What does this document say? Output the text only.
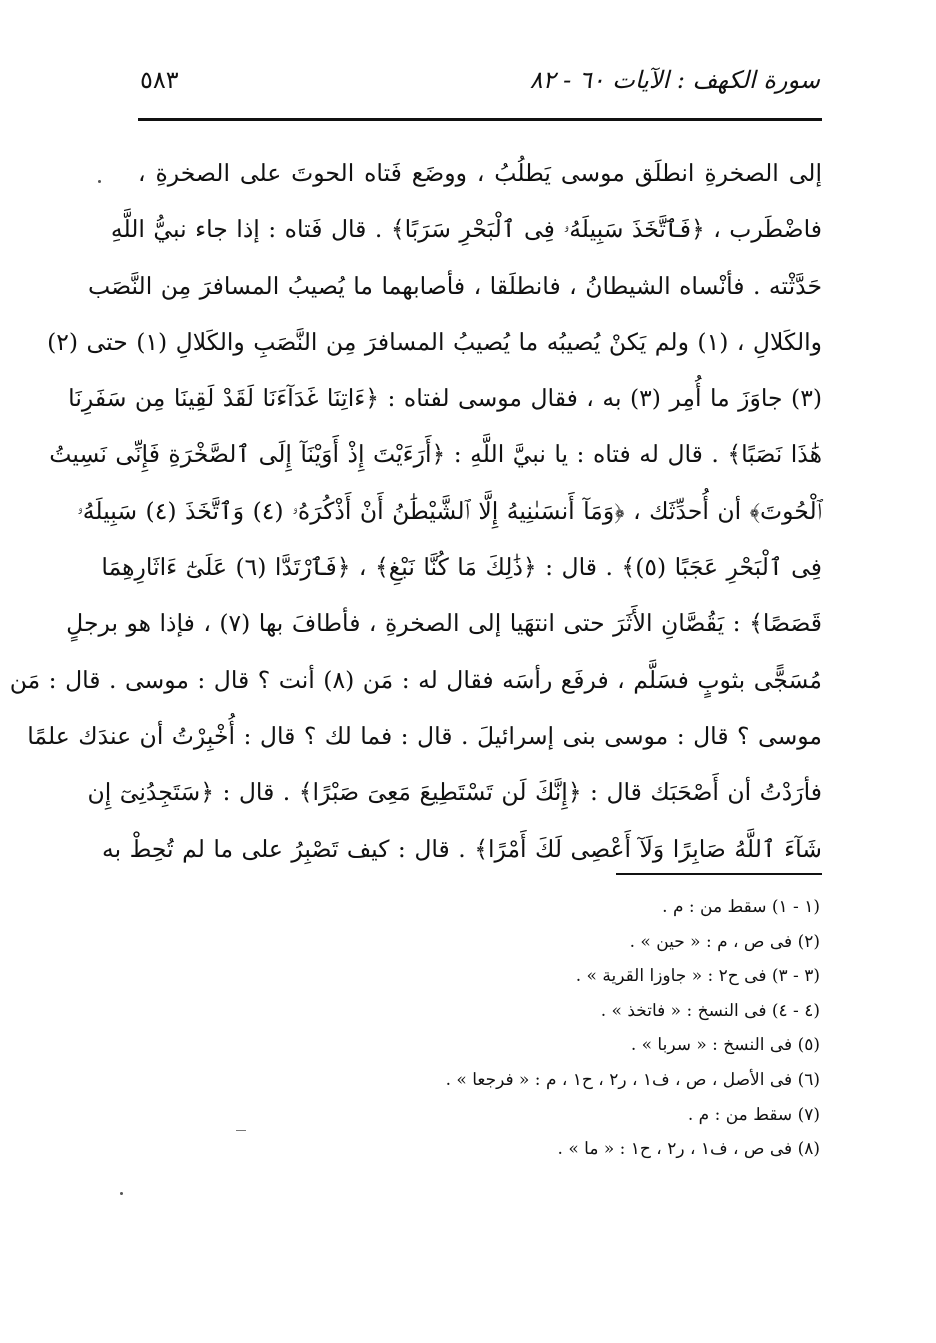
سورة الكهف : الآيات ٦٠ - ٨٢
٥٨٣
إلى الصخرةِ انطلَق موسى يَطلُبُ ، ووضَع فَتاه الحوتَ على الصخرةِ ،
فاضْطَرب ، ﴿فَٱتَّخَذَ سَبِيلَهُۥ فِى ٱلْبَحْرِ سَرَبًا﴾ . قال فَتاه : إذا جاء نبيُّ اللَّهِ
حَدَّثْته . فأنْساه الشيطانُ ، فانطلَقا ، فأصابهما ما يُصيبُ المسافرَ مِن النَّصَب
والكَلالِ ، (١) ولم يَكنْ يُصيبُه ما يُصيبُ المسافرَ مِن النَّصَبِ والكَلالِ (١) حتى (٢)
(٣) جاوَزَ ما أُمِر (٣) به ، فقال موسى لفتاه : ﴿ءَاتِنَا غَدَآءَنَا لَقَدْ لَقِينَا مِن سَفَرِنَا
هَٰذَا نَصَبًا﴾ . قال له فتاه : يا نبيَّ اللَّهِ : ﴿أَرَءَيْتَ إِذْ أَوَيْنَآ إِلَى ٱلصَّخْرَةِ فَإِنِّى نَسِيتُ
ٱلْحُوتَ﴾ أن أُحدِّثَك ، ﴿وَمَآ أَنسَىٰنِيهُ إِلَّا ٱلشَّيْطَٰنُ أَنْ أَذْكُرَهُۥ (٤) وَٱتَّخَذَ (٤) سَبِيلَهُۥ
فِى ٱلْبَحْرِ عَجَبًا (٥)﴾ . قال : ﴿ذَٰلِكَ مَا كُنَّا نَبْغِ﴾ ، ﴿فَٱرْتَدَّا (٦) عَلَىٰٓ ءَاثَارِهِمَا
قَصَصًا﴾ : يَقُصَّانِ الأَثَرَ حتى انتهَيا إلى الصخرةِ ، فأطافَ بها (٧) ، فإذا هو برجلٍ
مُسَجًّى بثوبٍ فسَلَّم ، فرفَع رأسَه فقال له : مَن (٨) أنت ؟ قال : موسى . قال : مَن
موسى ؟ قال : موسى بنى إسرائيلَ . قال : فما لك ؟ قال : أُخْبِرْتُ أن عندَك علمًا
فأرَدْتُ أن أَصْحَبَك قال : ﴿إِنَّكَ لَن تَسْتَطِيعَ مَعِىَ صَبْرًا﴾ . قال : ﴿سَتَجِدُنِىٓ إِن
شَآءَ ٱللَّهُ صَابِرًا وَلَآ أَعْصِى لَكَ أَمْرًا﴾ . قال : كيف تَصْبِرُ على ما لم تُحِطْ به
(١ - ١) سقط من : م .
(٢) فى ص ، م : « حين » .
(٣ - ٣) فى ح٢ : « جاوزا القرية » .
(٤ - ٤) فى النسخ : « فاتخذ » .
(٥) فى النسخ : « سربا » .
(٦) فى الأصل ، ص ، ف١ ، ر٢ ، ح١ ، م : « فرجعا » .
(٧) سقط من : م .
(٨) فى ص ، ف١ ، ر٢ ، ح١ : « ما » .
